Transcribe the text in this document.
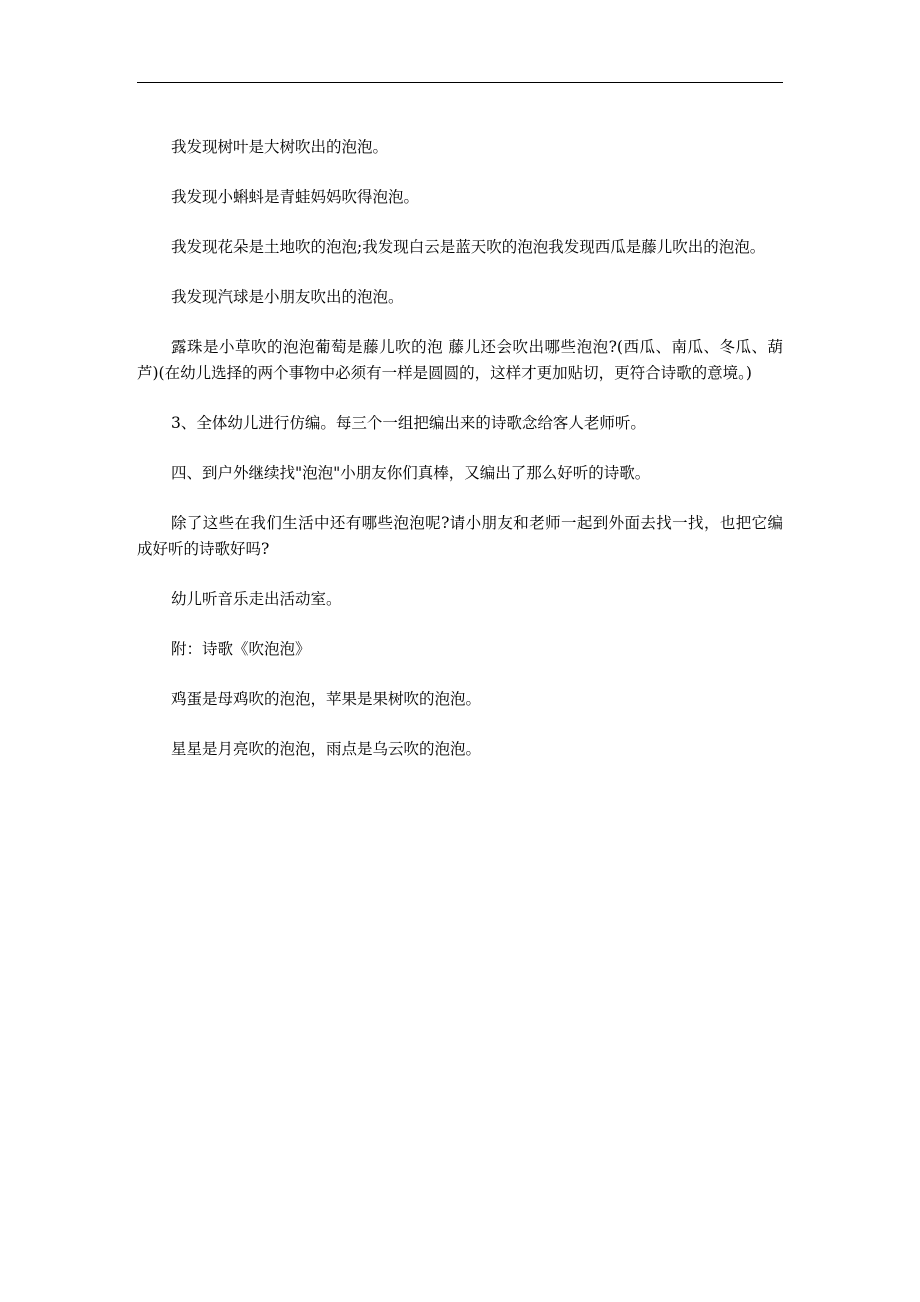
我发现树叶是大树吹出的泡泡。

我发现小蝌蚪是青蛙妈妈吹得泡泡。

我发现花朵是土地吹的泡泡;我发现白云是蓝天吹的泡泡我发现西瓜是藤儿吹出的泡泡。

我发现汽球是小朋友吹出的泡泡。

露珠是小草吹的泡泡葡萄是藤儿吹的泡 藤儿还会吹出哪些泡泡?(西瓜、南瓜、冬瓜、葫芦)(在幼儿选择的两个事物中必须有一样是圆圆的，这样才更加贴切，更符合诗歌的意境。)

3、全体幼儿进行仿编。每三个一组把编出来的诗歌念给客人老师听。

四、到户外继续找"泡泡"小朋友你们真棒，又编出了那么好听的诗歌。

除了这些在我们生活中还有哪些泡泡呢?请小朋友和老师一起到外面去找一找，也把它编成好听的诗歌好吗?

幼儿听音乐走出活动室。

附：诗歌《吹泡泡》

鸡蛋是母鸡吹的泡泡，苹果是果树吹的泡泡。

星星是月亮吹的泡泡，雨点是乌云吹的泡泡。
